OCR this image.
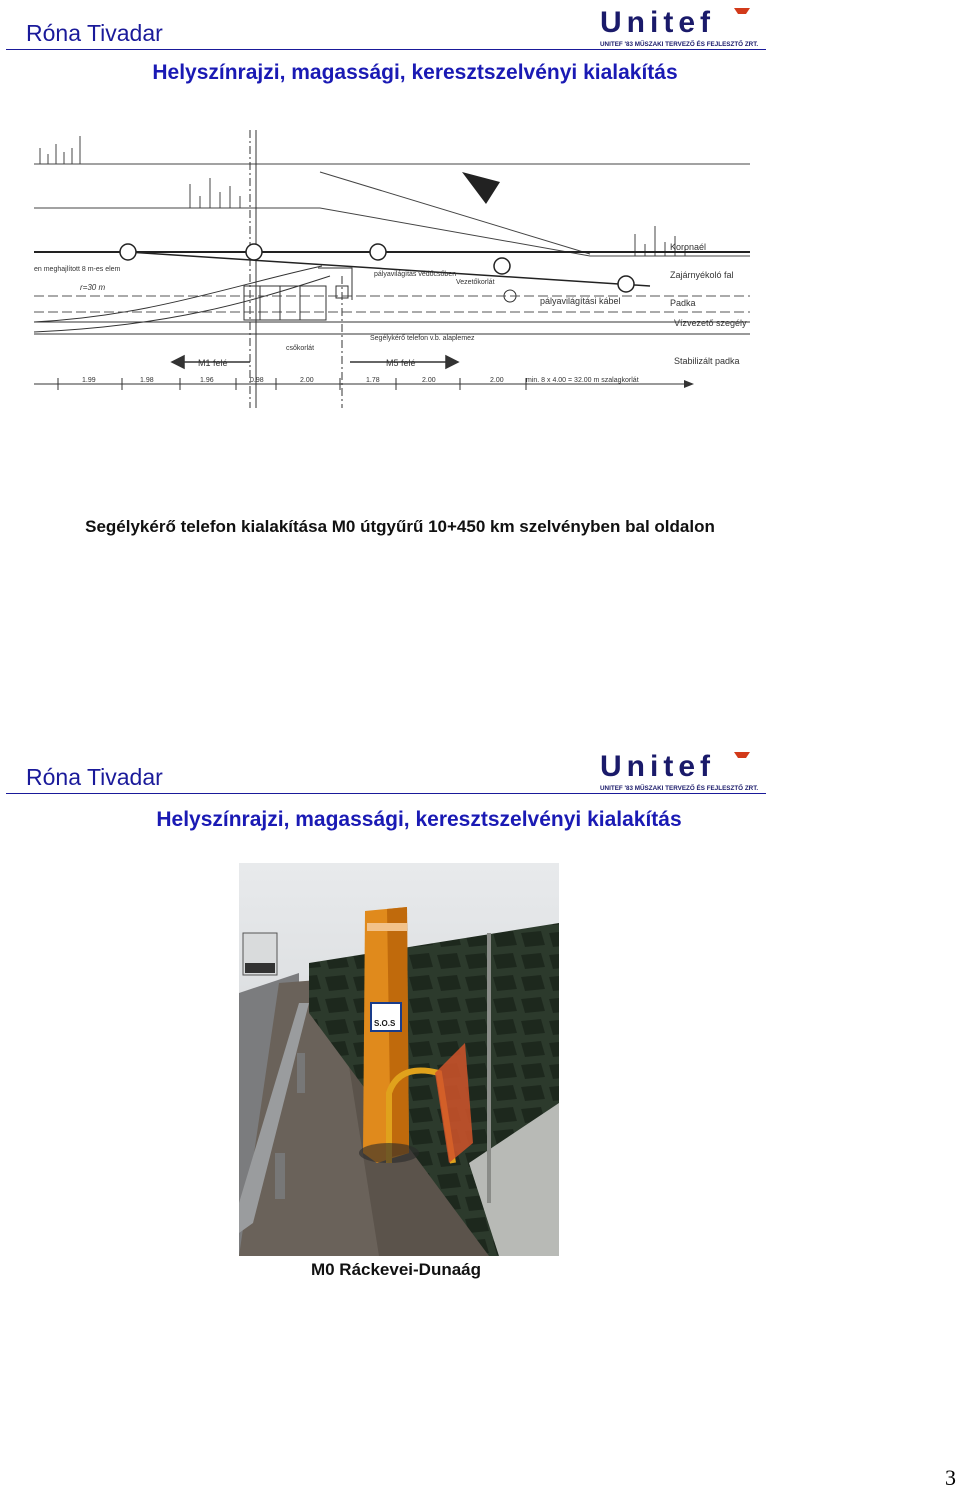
Róna Tivadar	Unitef
UNITEF '83 MŰSZAKI TERVEZŐ ÉS FEJLESZTŐ ZRT.
Helyszínrajzi, magassági, keresztszelvényi kialakítás
Koronaél
Zajárnyékoló fal
Padka
Vízvezető szegély
Stabilizált padka
en meghajlított 8 m-es elem
r=30 m
pályavilágítás védőcsőben
Vezetőkorlát
pályavilágítási kábel
csőkorlát
Segélykérő telefon v.b. alaplemez
M1 felé	M5 felé
min. 8 x 4.00 = 32.00 m szalagkorlát
1.99	1.98	1.96	0.98	2.00	1.78	2.00	2.00
Segélykérő telefon kialakítása M0 útgyűrű 10+450 km szelvényben bal oldalon
Róna Tivadar	Unitef
UNITEF '83 MŰSZAKI TERVEZŐ ÉS FEJLESZTŐ ZRT.
Helyszínrajzi, magassági, keresztszelvényi kialakítás
S.O.S
M0 Ráckevei-Dunaág
3
